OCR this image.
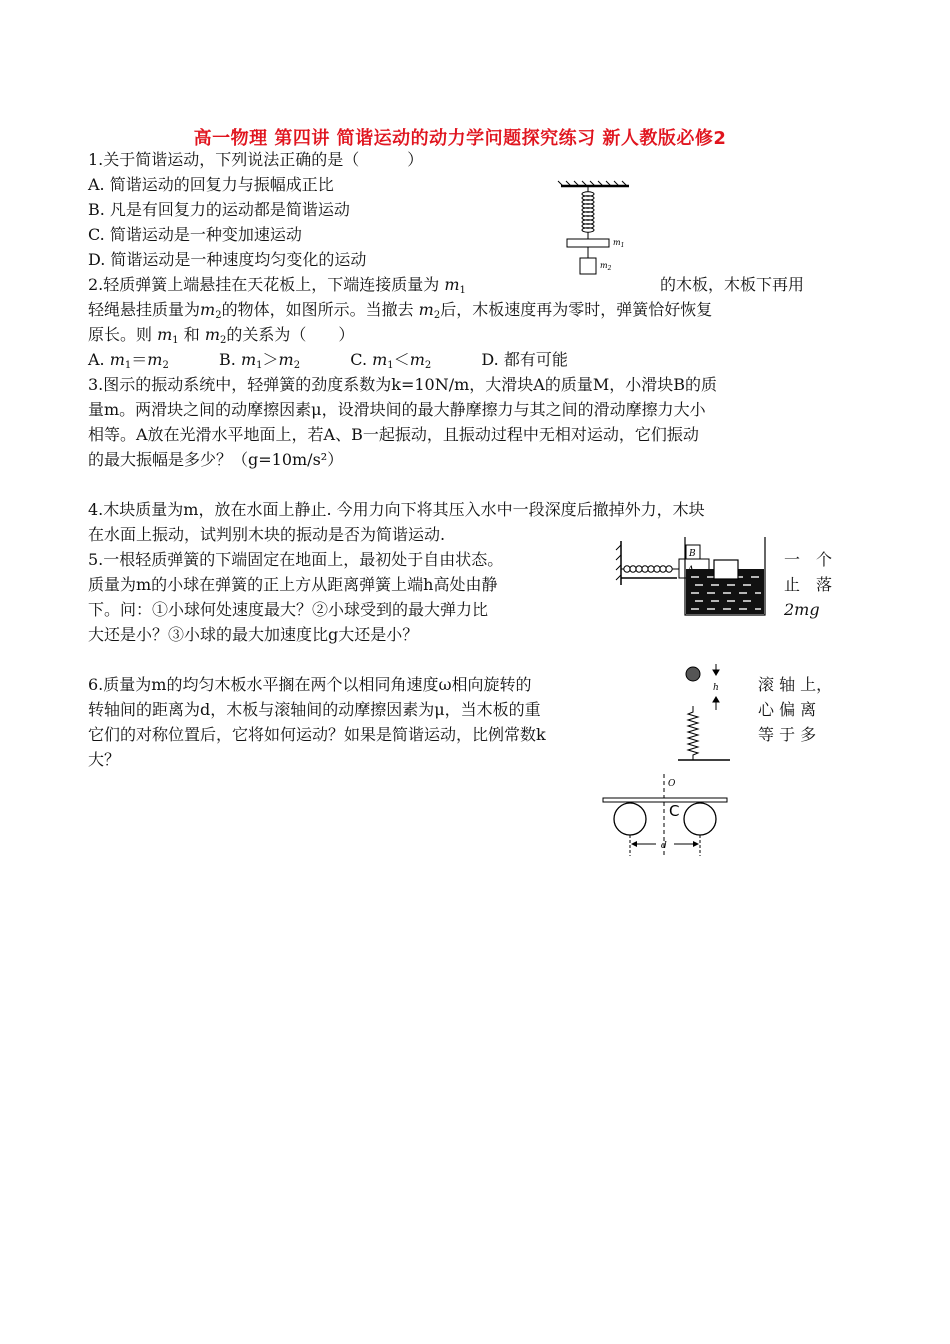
高一物理 第四讲 简谐运动的动力学问题探究练习 新人教版必修2
1.关于简谐运动，下列说法正确的是（　　　）
A. 简谐运动的回复力与振幅成正比
B. 凡是有回复力的运动都是简谐运动
C. 简谐运动是一种变加速运动
D. 简谐运动是一种速度均匀变化的运动
2.轻质弹簧上端悬挂在天花板上，下端连接质量为 $m_1$	的木板，木板下再用
轻绳悬挂质量为$m_2$的物体，如图所示。当撤去 $m_2$后，木板速度再为零时，弹簧恰好恢复
原长。则 $m_1$ 和 $m_2$的关系为（　　）
A. $m_1=m_2$	B. $m_1>m_2$	C. $m_1<m_2$	D. 都有可能
$m_1$
$m_2$
3.图示的振动系统中，轻弹簧的劲度系数为k=10N/m，大滑块A的质量M，小滑块B的质
量m。两滑块之间的动摩擦因素μ，设滑块间的最大静摩擦力与其之间的滑动摩擦力大小
相等。A放在光滑水平地面上，若A、B一起振动，且振动过程中无相对运动，它们振动
的最大振幅是多少？（g=10m/s²）
4.木块质量为m，放在水面上静止. 今用力向下将其压入水中一段深度后撤掉外力，木块
在水面上振动，试判别木块的振动是否为简谐运动.
5.一根轻质弹簧的下端固定在地面上，最初处于自由状态。	一　个
质量为m的小球在弹簧的正上方从距离弹簧上端h高处由静	止　落
下。问：①小球何处速度最大？②小球受到的最大弹力比	2mg
大还是小？③小球的最大加速度比g大还是小？
B
6.质量为m的均匀木板水平搁在两个以相同角速度ω相向旋转的	滚 轴 上，
转轴间的距离为d，木板与滚轴间的动摩擦因素为μ，当木板的重	心 偏 离
它们的对称位置后，它将如何运动？如果是简谐运动，比例常数k	等 于 多
大？
h
O
C
d
